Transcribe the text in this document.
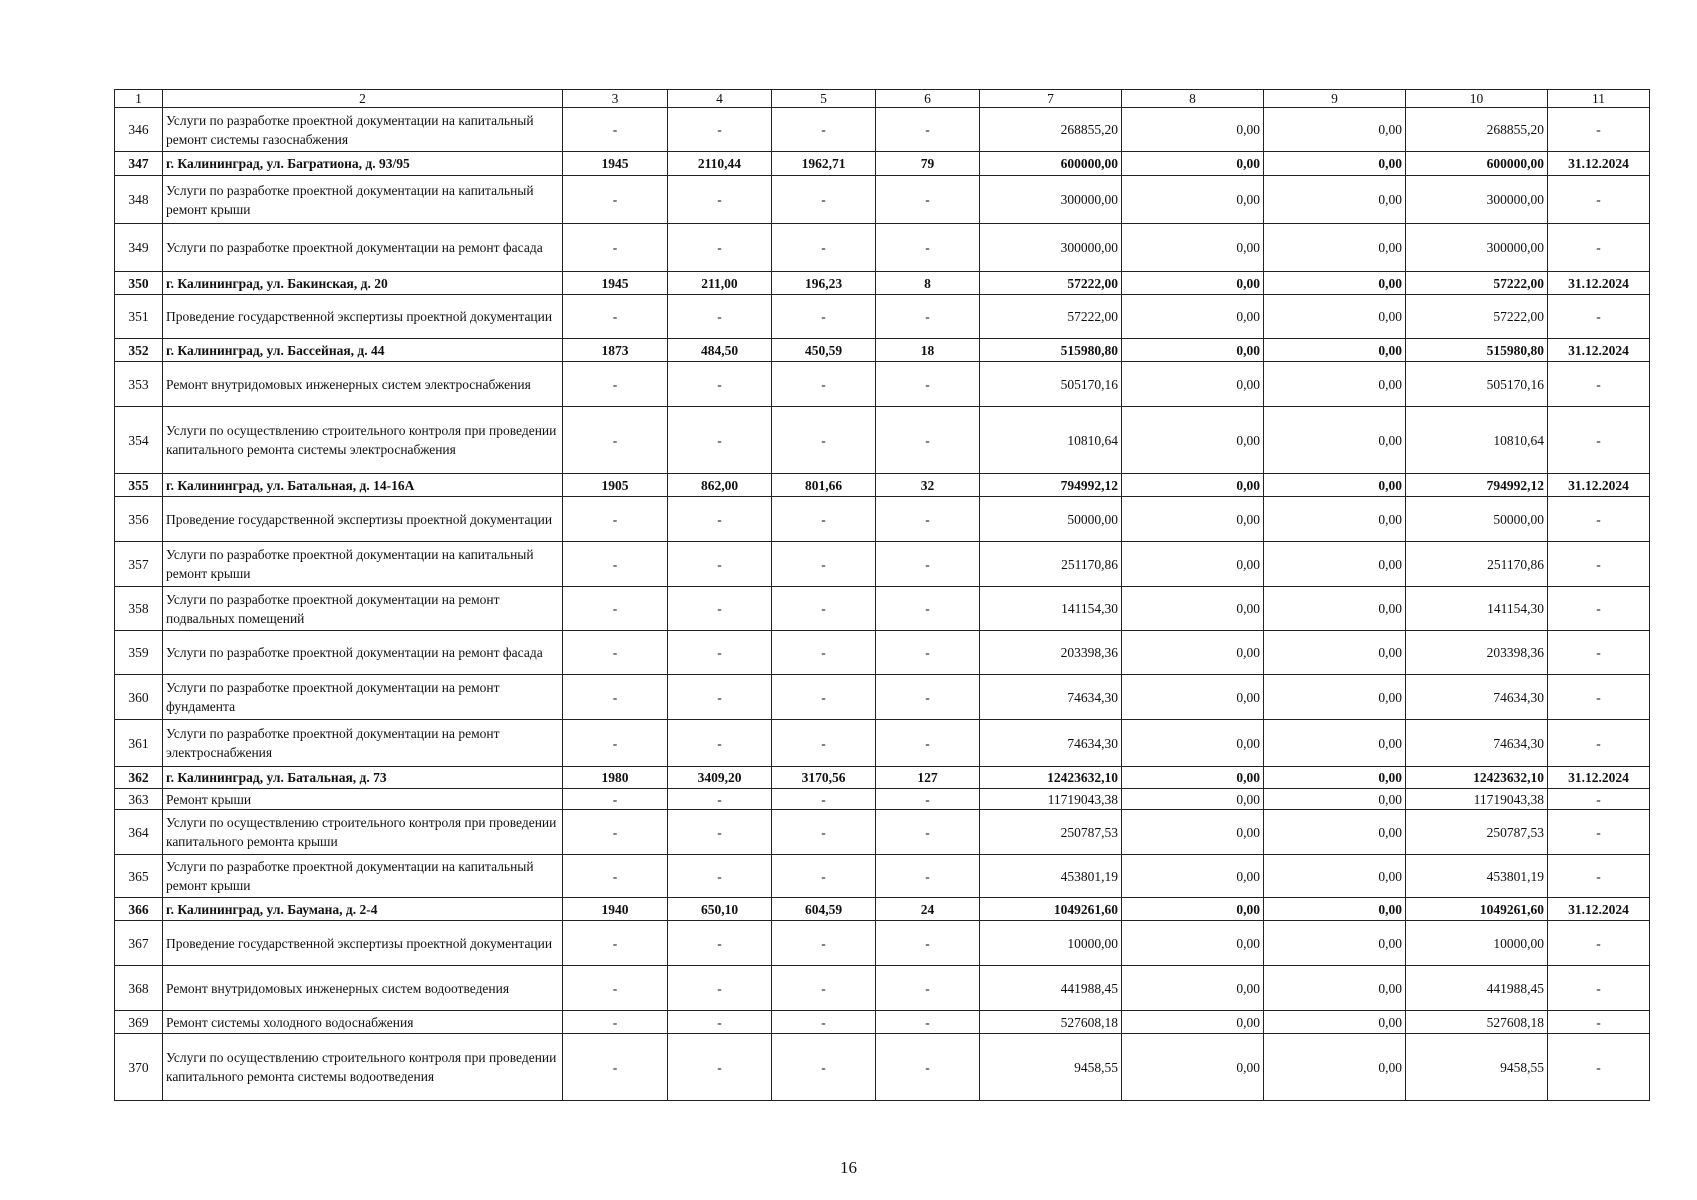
1	2	3	4	5	6	7	8	9	10	11
346	Услуги по разработке проектной документации на капитальный ремонт системы газоснабжения	-	-	-	-	268855,20	0,00	0,00	268855,20	-
347	г. Калининград, ул. Багратиона, д. 93/95	1945	2110,44	1962,71	79	600000,00	0,00	0,00	600000,00	31.12.2024
348	Услуги по разработке проектной документации на капитальный ремонт крыши	-	-	-	-	300000,00	0,00	0,00	300000,00	-
349	Услуги по разработке проектной документации на ремонт фасада	-	-	-	-	300000,00	0,00	0,00	300000,00	-
350	г. Калининград, ул. Бакинская, д. 20	1945	211,00	196,23	8	57222,00	0,00	0,00	57222,00	31.12.2024
351	Проведение государственной экспертизы проектной документации	-	-	-	-	57222,00	0,00	0,00	57222,00	-
352	г. Калининград, ул. Бассейная, д. 44	1873	484,50	450,59	18	515980,80	0,00	0,00	515980,80	31.12.2024
353	Ремонт внутридомовых инженерных систем электроснабжения	-	-	-	-	505170,16	0,00	0,00	505170,16	-
354	Услуги по осуществлению строительного контроля при проведении капитального ремонта системы электроснабжения	-	-	-	-	10810,64	0,00	0,00	10810,64	-
355	г. Калининград, ул. Батальная, д. 14-16А	1905	862,00	801,66	32	794992,12	0,00	0,00	794992,12	31.12.2024
356	Проведение государственной экспертизы проектной документации	-	-	-	-	50000,00	0,00	0,00	50000,00	-
357	Услуги по разработке проектной документации на капитальный ремонт крыши	-	-	-	-	251170,86	0,00	0,00	251170,86	-
358	Услуги по разработке проектной документации на ремонт подвальных помещений	-	-	-	-	141154,30	0,00	0,00	141154,30	-
359	Услуги по разработке проектной документации на ремонт фасада	-	-	-	-	203398,36	0,00	0,00	203398,36	-
360	Услуги по разработке проектной документации на ремонт фундамента	-	-	-	-	74634,30	0,00	0,00	74634,30	-
361	Услуги по разработке проектной документации на ремонт электроснабжения	-	-	-	-	74634,30	0,00	0,00	74634,30	-
362	г. Калининград, ул. Батальная, д. 73	1980	3409,20	3170,56	127	12423632,10	0,00	0,00	12423632,10	31.12.2024
363	Ремонт крыши	-	-	-	-	11719043,38	0,00	0,00	11719043,38	-
364	Услуги по осуществлению строительного контроля при проведении капитального ремонта крыши	-	-	-	-	250787,53	0,00	0,00	250787,53	-
365	Услуги по разработке проектной документации на капитальный ремонт крыши	-	-	-	-	453801,19	0,00	0,00	453801,19	-
366	г. Калининград, ул. Баумана, д. 2-4	1940	650,10	604,59	24	1049261,60	0,00	0,00	1049261,60	31.12.2024
367	Проведение государственной экспертизы проектной документации	-	-	-	-	10000,00	0,00	0,00	10000,00	-
368	Ремонт внутридомовых инженерных систем водоотведения	-	-	-	-	441988,45	0,00	0,00	441988,45	-
369	Ремонт системы холодного водоснабжения	-	-	-	-	527608,18	0,00	0,00	527608,18	-
370	Услуги по осуществлению строительного контроля при проведении капитального ремонта системы водоотведения	-	-	-	-	9458,55	0,00	0,00	9458,55	-
16
